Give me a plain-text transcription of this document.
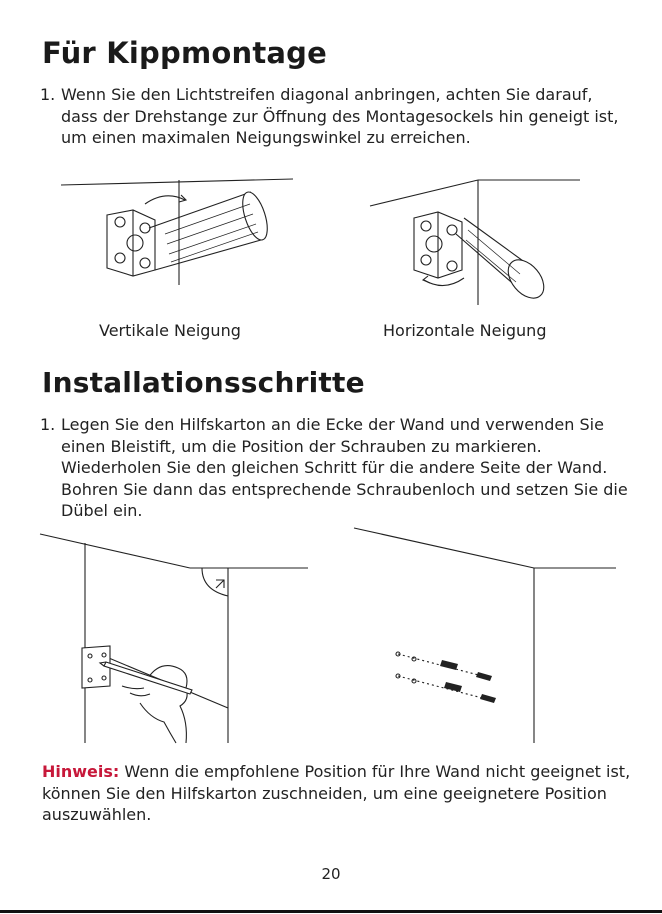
Für Kippmontage

1. Wenn Sie den Lichtstreifen diagonal anbringen, achten Sie darauf, dass der Drehstange zur Öffnung des Montagesockels hin geneigt ist, um einen maximalen Neigungswinkel zu erreichen.

Vertikale Neigung	Horizontale Neigung
Installationsschritte

1. Legen Sie den Hilfskarton an die Ecke der Wand und verwenden Sie einen Bleistift, um die Position der Schrauben zu markieren. Wiederholen Sie den gleichen Schritt für die andere Seite der Wand. Bohren Sie dann das entsprechende Schraubenloch und setzen Sie die Dübel ein.

Hinweis: Wenn die empfohlene Position für Ihre Wand nicht geeignet ist, können Sie den Hilfskarton zuschneiden, um eine geeignetere Position auszuwählen.

20
